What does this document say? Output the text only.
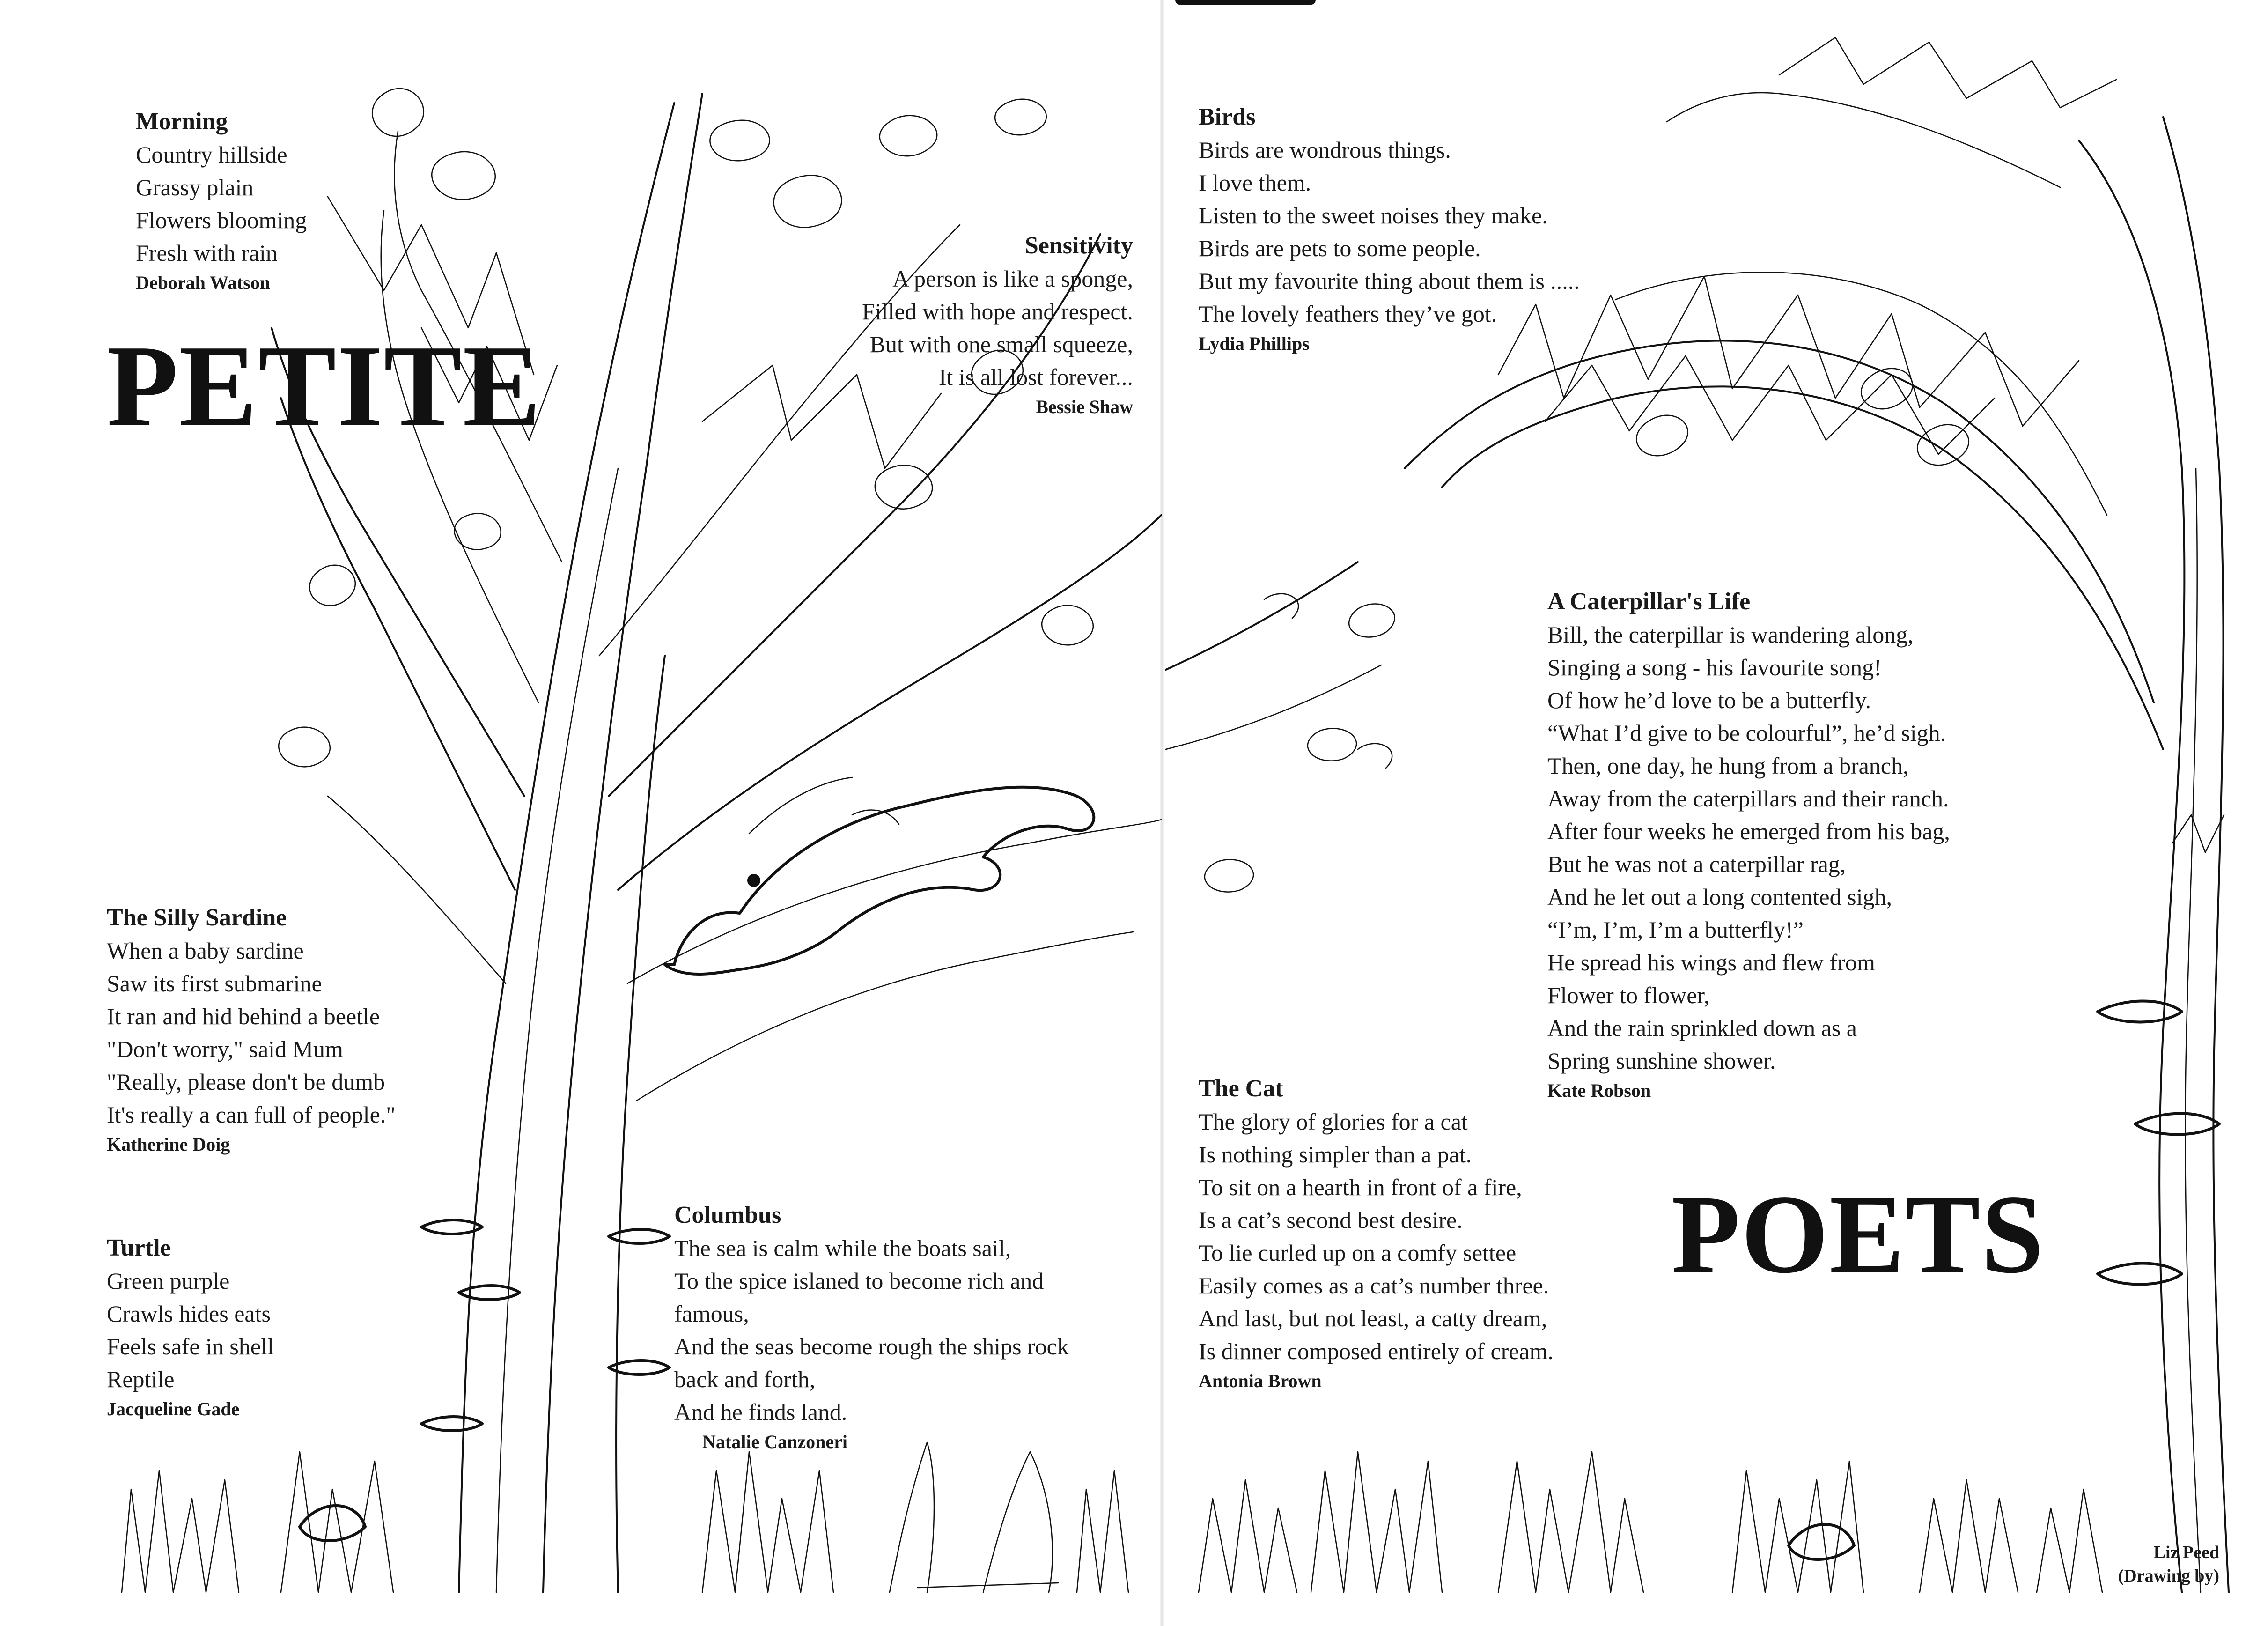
PETITE
POETS
Morning
Country hillside
Grassy plain
Flowers blooming
Fresh with rain
Deborah Watson
Sensitivity
A person is like a sponge,
Filled with hope and respect.
But with one small squeeze,
It is all lost forever...
Bessie Shaw
The Silly Sardine
When a baby sardine
Saw its first submarine
It ran and hid behind a beetle
"Don't worry," said Mum
"Really, please don't be dumb
It's really a can full of people."
Katherine Doig
Turtle
Green purple
Crawls hides eats
Feels safe in shell
Reptile
Jacqueline Gade
Columbus
The sea is calm while the boats sail,
To the spice islaned to become rich and
famous,
And the seas become rough the ships rock
back and forth,
And he finds land.
Natalie Canzoneri
Birds
Birds are wondrous things.
I love them.
Listen to the sweet noises they make.
Birds are pets to some people.
But my favourite thing about them is .....
The lovely feathers they’ve got.
Lydia Phillips
A Caterpillar's Life
Bill, the caterpillar is wandering along,
Singing a song - his favourite song!
Of how he’d love to be a butterfly.
“What I’d give to be colourful”, he’d sigh.
Then, one day, he hung from a branch,
Away from the caterpillars and their ranch.
After four weeks he emerged from his bag,
But he was not a caterpillar rag,
And he let out a long contented sigh,
“I’m, I’m, I’m a butterfly!”
He spread his wings and flew from
Flower to flower,
And the rain sprinkled down as a
Spring sunshine shower.
Kate Robson
The Cat
The glory of glories for a cat
Is nothing simpler than a pat.
To sit on a hearth in front of a fire,
Is a cat’s second best desire.
To lie curled up on a comfy settee
Easily comes as a cat’s number three.
And last, but not least, a catty dream,
Is dinner composed entirely of cream.
Antonia Brown
Liz Peed
(Drawing by)
